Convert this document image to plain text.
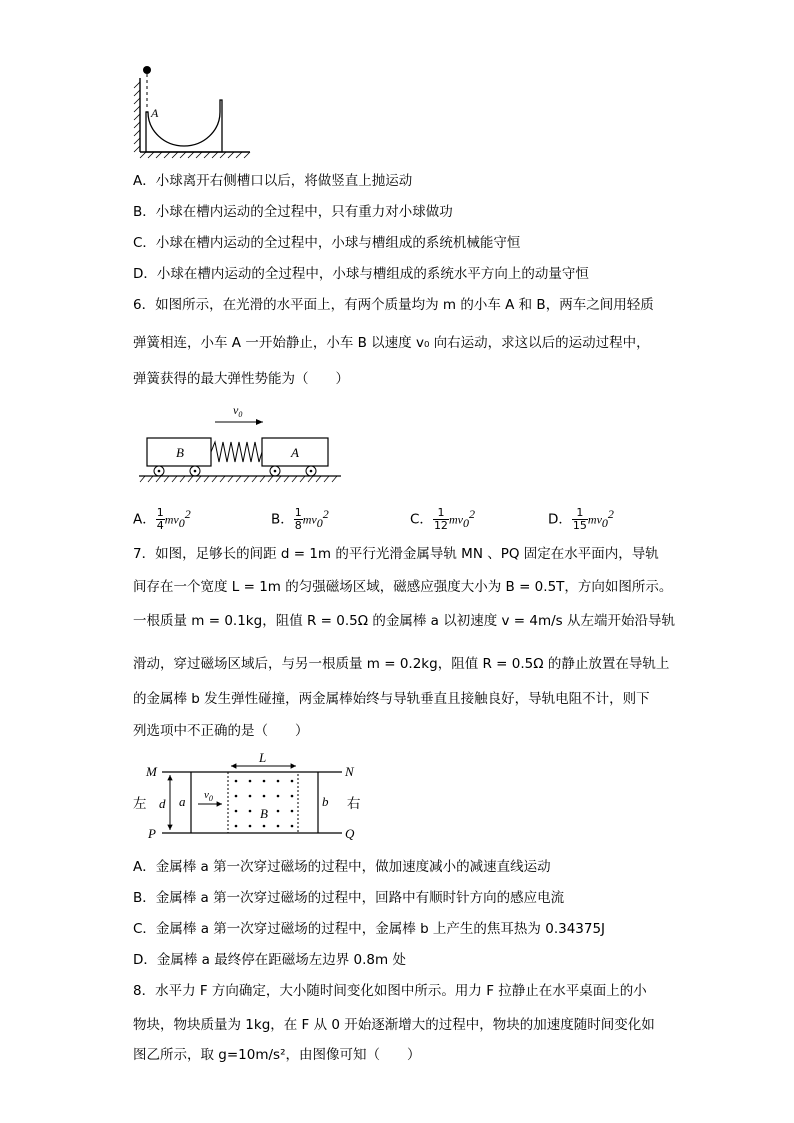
A
A．小球离开右侧槽口以后，将做竖直上抛运动
B．小球在槽内运动的全过程中，只有重力对小球做功
C．小球在槽内运动的全过程中，小球与槽组成的系统机械能守恒
D．小球在槽内运动的全过程中，小球与槽组成的系统水平方向上的动量守恒
6．如图所示，在光滑的水平面上，有两个质量均为 m 的小车 A 和 B，两车之间用轻质
弹簧相连，小车 A 一开始静止，小车 B 以速度 v₀ 向右运动，求这以后的运动过程中，
弹簧获得的最大弹性势能为（　　）
$v_0$
B	A
A． $\frac{1}{4} mv_0^2$	B． $\frac{1}{8} mv_0^2$	C． $\frac{1}{12} mv_0^2$	D． $\frac{1}{15} mv_0^2$
7．如图，足够长的间距 d = 1m 的平行光滑金属导轨 MN 、PQ 固定在水平面内，导轨
间存在一个宽度 L = 1m 的匀强磁场区域，磁感应强度大小为 B = 0.5T，方向如图所示。
一根质量 m = 0.1kg，阻值 R = 0.5Ω 的金属棒 a 以初速度 v = 4m/s 从左端开始沿导轨
滑动，穿过磁场区域后，与另一根质量 m = 0.2kg，阻值 R = 0.5Ω 的静止放置在导轨上
的金属棒 b 发生弹性碰撞，两金属棒始终与导轨垂直且接触良好，导轨电阻不计，则下
列选项中不正确的是（　　）
M	N
P	Q
d a $v_0$
L
B
b
左	右
A．金属棒 a 第一次穿过磁场的过程中，做加速度减小的减速直线运动
B．金属棒 a 第一次穿过磁场的过程中，回路中有顺时针方向的感应电流
C．金属棒 a 第一次穿过磁场的过程中，金属棒 b 上产生的焦耳热为 0.34375J
D．金属棒 a 最终停在距磁场左边界 0.8m 处
8．水平力 F 方向确定，大小随时间变化如图中所示。用力 F 拉静止在水平桌面上的小
物块，物块质量为 1kg，在 F 从 0 开始逐渐增大的过程中，物块的加速度随时间变化如
图乙所示，取 g=10m/s²，由图像可知（　　）
